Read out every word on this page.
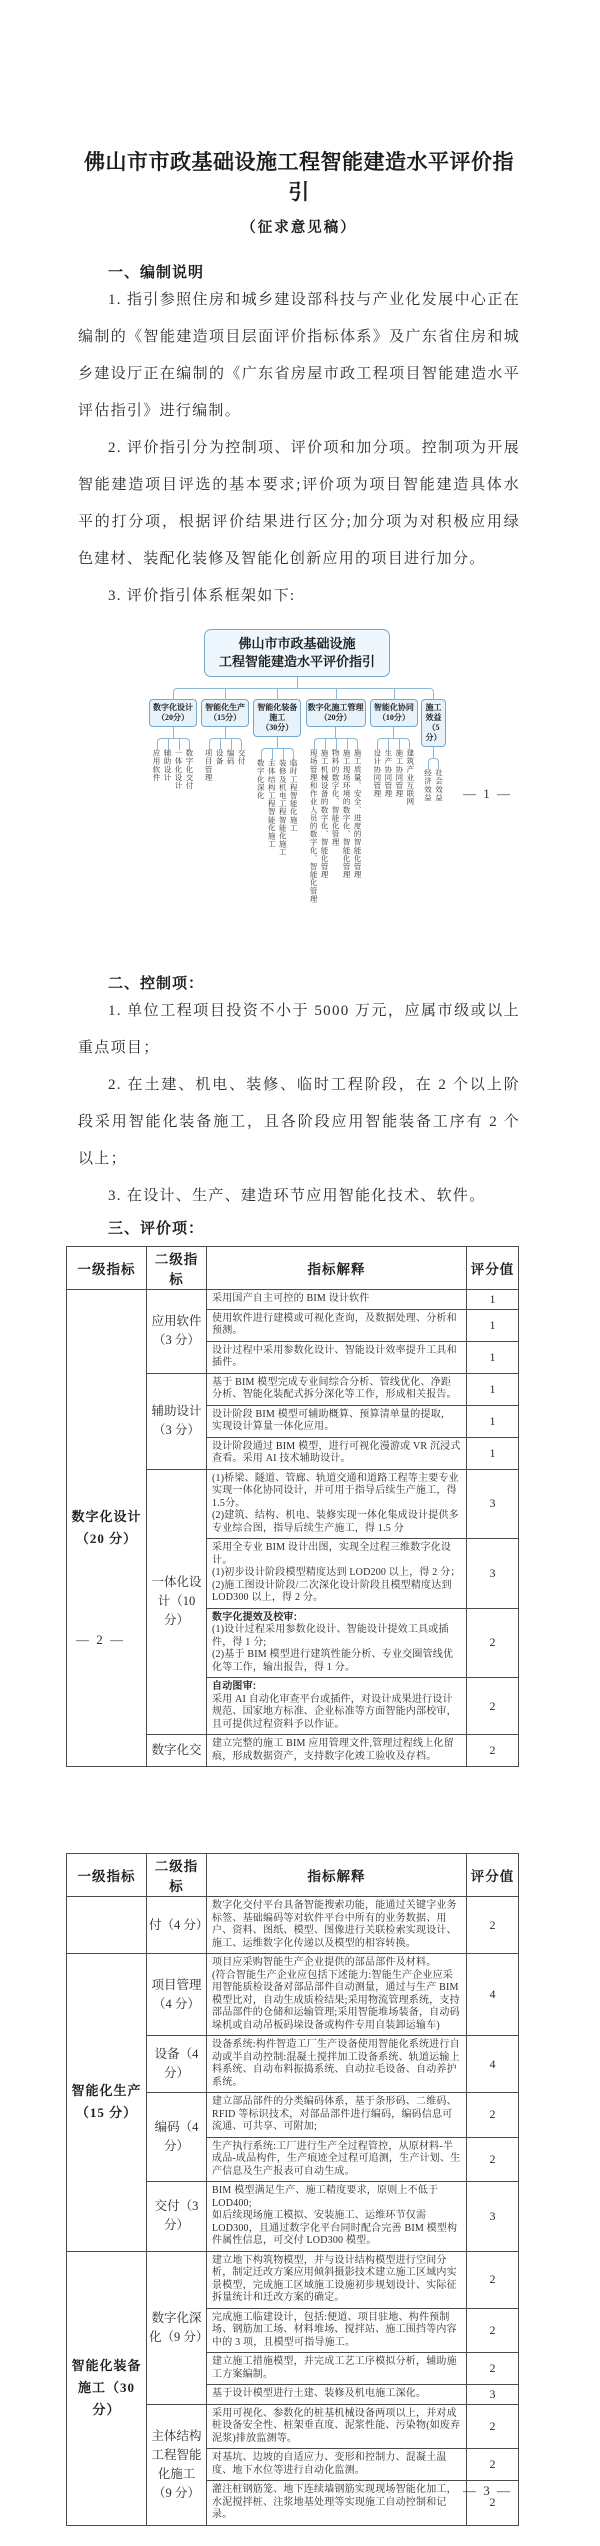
佛山市市政基础设施工程智能建造水平评价指引
（征求意见稿）
一、编制说明

1. 指引参照住房和城乡建设部科技与产业化发展中心正在编制的《智能建造项目层面评价指标体系》及广东省住房和城乡建设厅正在编制的《广东省房屋市政工程项目智能建造水平评估指引》进行编制。

2. 评价指引分为控制项、评价项和加分项。控制项为开展智能建造项目评选的基本要求;评价项为项目智能建造具体水平的打分项，根据评价结果进行区分;加分项为对积极应用绿色建材、装配化装修及智能化创新应用的项目进行加分。

3. 评价指引体系框架如下:

佛山市市政基础设施
工程智能建造水平评价指引
数字化设计
（20分）
应用软件 辅助设计 一体化设计 数字化交付
智能化生产
（15分）
项目管理 设备 编码 交付
智能化装备施工
（30分）
数字化深化 主体结构工程智能化施工 装修及机电工程智能化施工 临时工程智能化施工
数字化施工管理
（20分）
现场管理和作业人员的数字化、智能化管理 施工机械设备的数字化、智能化管理 物料的数字化、智能化管理 施工现场环境的数字化、智能化管理 施工质量、安全、进度的智能化管理
智能化协同
（10分）
设计协同管理 生产协同管理 施工协同管理 建筑产业互联网
施工效益
（5分）
经济效益 社会效益 — 1 —
二、控制项：

1. 单位工程项目投资不小于 5000 万元，应属市级或以上重点项目；

2. 在土建、机电、装修、临时工程阶段，在 2 个以上阶段采用智能化装备施工，且各阶段应用智能装备工序有 2 个以上；

3. 在设计、生产、建造环节应用智能化技术、软件。

三、评价项：
一级指标	二级指标	指标解释	评分值
数字化设计（20 分）	应用软件（3 分）	采用国产自主可控的 BIM 设计软件	1
		使用软件进行建模或可视化查询，及数据处理、分析和预测。	1
		设计过程中采用参数化设计、智能设计效率提升工具和插件。	1
	辅助设计（3 分）	基于 BIM 模型完成专业间综合分析、管线优化、净距分析、智能化装配式拆分深化等工作，形成相关报告。	1
		设计阶段 BIM 模型可辅助概算、预算清单量的提取，实现设计算量一体化应用。	1
		设计阶段通过 BIM 模型，进行可视化漫游或 VR 沉浸式查看。采用 AI 技术辅助设计。	1
	一体化设计（10 分）	(1)桥梁、隧道、管廊、轨道交通和道路工程等主要专业实现一体化协同设计，并可用于指导后续生产施工，得1.5分。
(2)建筑、结构、机电、装修实现一体化集成设计提供多专业综合图，指导后续生产施工，得 1.5 分	3
		采用全专业 BIM 设计出图，实现全过程三维数字化设计。
(1)初步设计阶段模型精度达到 LOD200 以上，得 2 分；
(2)施工图设计阶段/二次深化设计阶段且模型精度达到 LOD300 以上，得 2 分。	3
		数字化提效及校审:
(1)设计过程采用参数化设计、智能设计提效工具或插件，得 1 分;
(2)基于 BIM 模型进行建筑性能分析、专业交圈管线优化等工作，输出报告，得 1 分。	2
		自动图审:
采用 AI 自动化审查平台或插件，对设计成果进行设计规范、国家地方标准、企业标准等方面智能内部校审，且可提供过程资料予以作证。	2
	数字化交	建立完整的施工 BIM 应用管理文件,管理过程线上化留痕，形成数据资产，支持数字化竣工验收及存档。	2
— 2 —
一级指标	二级指标	指标解释	评分值
	付（4 分）	数字化交付平台具备智能搜索功能，能通过关键字业务标签、基础编码等对软件平台中所有的业务数据、用户、资料、图纸、模型、图像进行关联检索实现设计、施工、运维数字化传递以及模型的相容转换。	2
智能化生产（15 分）	项目管理（4 分）	项目应采购智能生产企业提供的部品部件及材料。
(符合智能生产企业应包括下述能力:智能生产企业应采用智能质检设备对部品部件自动测量，通过与生产 BIM 模型比对，自动生成质检结果;采用物流管理系统，支持部品部件的仓储和运输管理;采用智能堆场装备，自动码垛机或自动吊板码垛设备或构件专用自装卸运输车)	4
	设备（4 分）	设备系统:构件智造工厂生产设备使用智能化系统进行自动或半自动控制:混凝土搅拌加工设备系统、轨道运输上料系统、自动布料振捣系统、自动拉毛设备、自动养护系统。	4
	编码（4 分）	建立部品部件的分类编码体系，基于条形码、二维码、RFID 等标识技术，对部品部件进行编码，编码信息可流通、可共享、可附加;	2
		生产执行系统:工厂进行生产全过程管控，从原材料-半成品-成品构件，生产痕迹全过程可追测，生产计划、生产信息及生产报表可自动生成。	2
	交付（3 分）	BIM 模型满足生产、施工精度要求，原则上不低于 LOD400;
如后续现场施工模拟、安装施工、运维环节仅需 LOD300，且通过数字化平台同时配合完善 BIM 模型构件属性信息，可交付 LOD300 模型。	3
智能化装备施工（30 分）	数字化深化（9 分）	建立地下构筑物模型，并与设计结构模型进行空间分析，制定迁改方案应用倾斜摄影技术建立施工区域内实景模型，完成施工区域施工设施初步规划设计、实际征拆量统计和迁改方案的确定。	2
		完成施工临建设计，包括:便道、项目驻地、构件预制场、钢筋加工场、材料堆场、搅拌站、施工围挡等内容中的 3 项，且模型可指导施工。	2
		建立施工措施模型，并完成工艺工序模拟分析，辅助施工方案编制。	2
		基于设计模型进行土建、装修及机电施工深化。	3
	主体结构工程智能化施工（9 分）	采用可视化、参数化的桩基机械设备两项以上，并对成桩设备安全性、桩架垂直度、泥浆性能、污染物(如废弃泥浆)排放监测等。	2
		对基坑、边坡的自适应力、变形和控制力、混凝土温度、地下水位等进行自动化监测。	2
		灌注桩钢筋笼、地下连续墙钢筋实现现场智能化加工，水泥搅拌桩、注浆地基处理等实现施工自动控制和记录。	2
— 3 —
